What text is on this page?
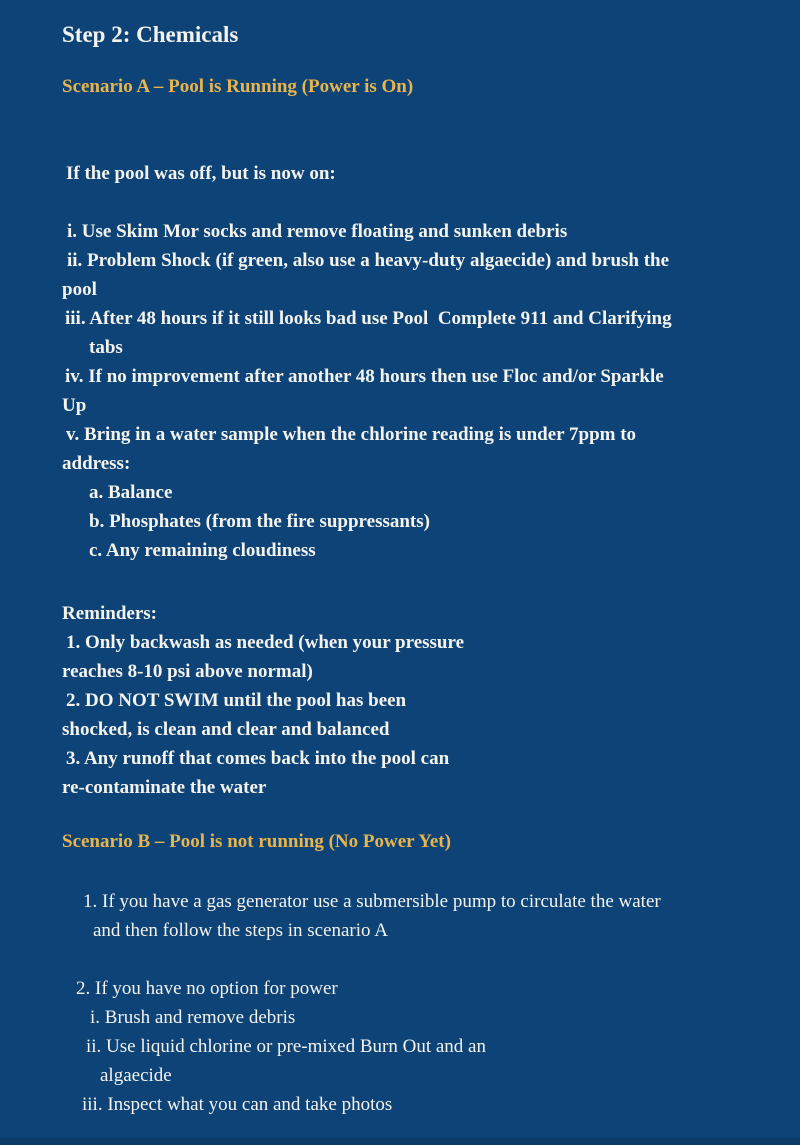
Step 2: Chemicals
Scenario A – Pool is Running (Power is On)
If the pool was off, but is now on:
i. Use Skim Mor socks and remove floating and sunken debris
ii. Problem Shock (if green, also use a heavy-duty algaecide) and brush the
pool
iii. After 48 hours if it still looks bad use Pool  Complete 911 and Clarifying
tabs
iv. If no improvement after another 48 hours then use Floc and/or Sparkle
Up
v. Bring in a water sample when the chlorine reading is under 7ppm to
address:
a. Balance
b. Phosphates (from the fire suppressants)
c. Any remaining cloudiness
Reminders:
1. Only backwash as needed (when your pressure
reaches 8-10 psi above normal)
2. DO NOT SWIM until the pool has been
shocked, is clean and clear and balanced
3. Any runoff that comes back into the pool can
re-contaminate the water
Scenario B – Pool is not running (No Power Yet)
1. If you have a gas generator use a submersible pump to circulate the water
and then follow the steps in scenario A
2. If you have no option for power
i. Brush and remove debris
ii. Use liquid chlorine or pre-mixed Burn Out and an
algaecide
iii. Inspect what you can and take photos
